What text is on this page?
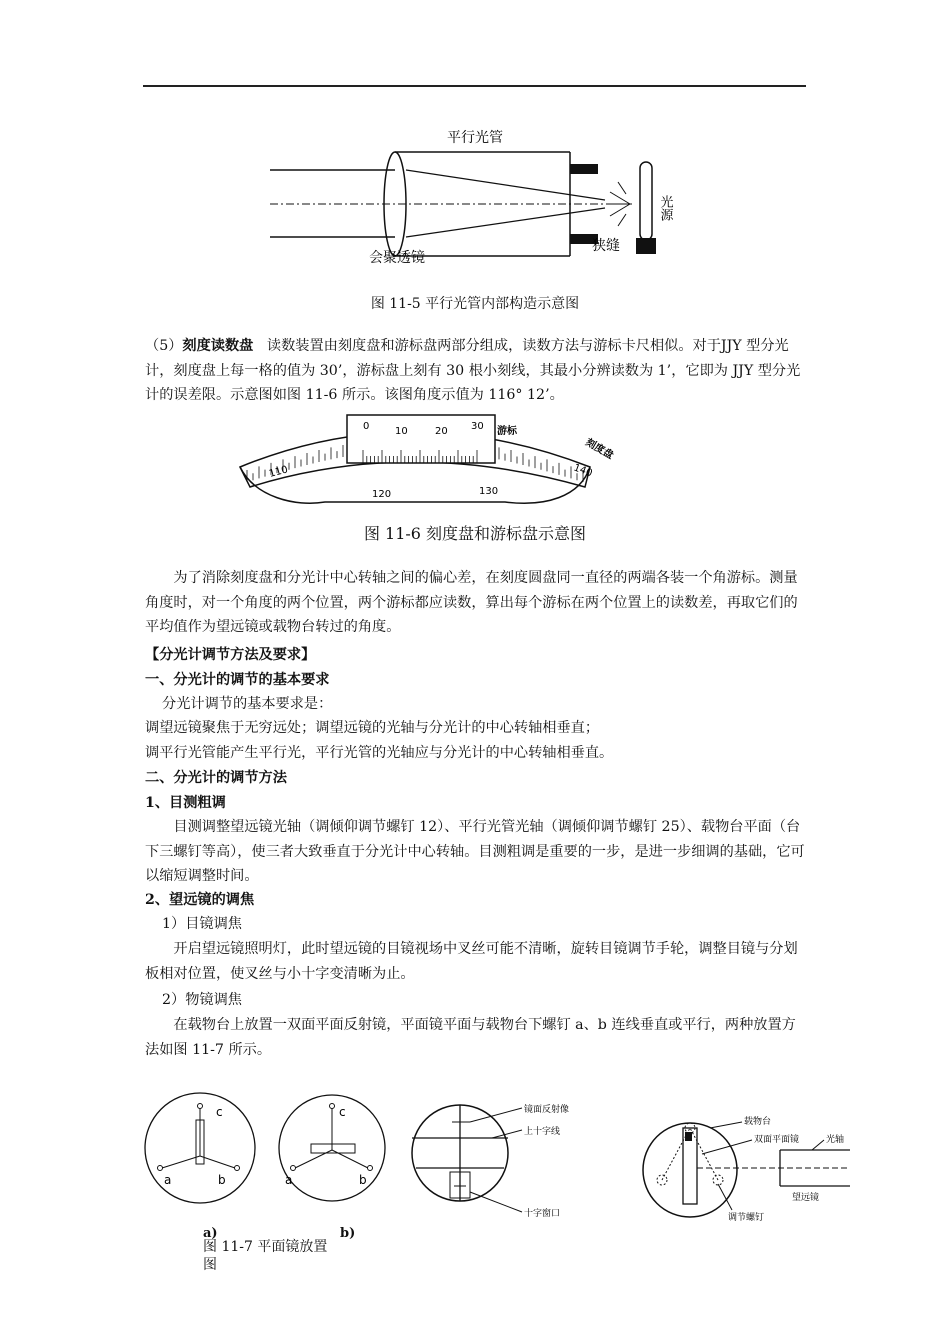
平行光管
光源
会聚透镜
狭缝
图 11-5 平行光管内部构造示意图
（5）刻度读数盘 读数装置由刻度盘和游标盘两部分组成，读数方法与游标卡尺相似。对于JJY 型分光计，刻度盘上每一格的值为 30’，游标盘上刻有 30 根小刻线，其最小分辨读数为 1’，它即为 JJY 型分光计的误差限。示意图如图 11-6 所示。该图角度示值为 116° 12’。
0	10	20 30 游标
刻度盘
110
120	130
140
图 11-6 刻度盘和游标盘示意图
为了消除刻度盘和分光计中心转轴之间的偏心差，在刻度圆盘同一直径的两端各装一个角游标。测量角度时，对一个角度的两个位置，两个游标都应读数，算出每个游标在两个位置上的读数差，再取它们的平均值作为望远镜或载物台转过的角度。
【分光计调节方法及要求】
一、分光计的调节的基本要求
分光计调节的基本要求是：
调望远镜聚焦于无穷远处；调望远镜的光轴与分光计的中心转轴相垂直；
调平行光管能产生平行光，平行光管的光轴应与分光计的中心转轴相垂直。
二、分光计的调节方法
1、目测粗调
目测调整望远镜光轴（调倾仰调节螺钉 12）、平行光管光轴（调倾仰调节螺钉 25）、载物台平面（台下三螺钉等高），使三者大致垂直于分光计中心转轴。目测粗调是重要的一步，是进一步细调的基础，它可以缩短调整时间。
2、望远镜的调焦
1）目镜调焦
开启望远镜照明灯，此时望远镜的目镜视场中叉丝可能不清晰，旋转目镜调节手轮，调整目镜与分划板相对位置，使叉丝与小十字变清晰为止。
2）物镜调焦
在载物台上放置一双面平面反射镜，平面镜平面与载物台下螺钉 a、b 连线垂直或平行，两种放置方法如图 11-7 所示。
c
a	b
c
a	b
镜面反射像
上十字线
十字窗口
载物台
双面平面镜	光轴
望远镜
调节螺钉
a)	b)
图 11-7 平面镜放置
图
